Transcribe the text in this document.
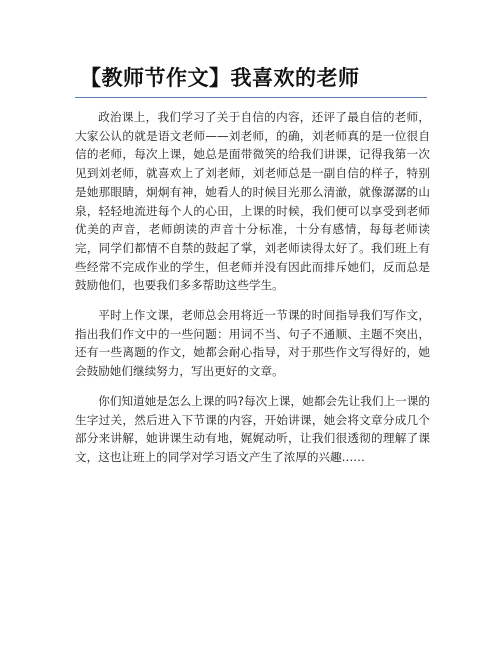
【教师节作文】我喜欢的老师

政治课上，我们学习了关于自信的内容，还评了最自信的老师，大家公认的就是语文老师——刘老师，的确，刘老师真的是一位很自信的老师，每次上课，她总是面带微笑的给我们讲课，记得我第一次见到刘老师，就喜欢上了刘老师，刘老师总是一副自信的样子，特别是她那眼睛，炯炯有神，她看人的时候目光那么清澈，就像潺潺的山泉，轻轻地流进每个人的心田，上课的时候，我们便可以享受到老师优美的声音，老师朗读的声音十分标准，十分有感情，每每老师读完，同学们都情不自禁的鼓起了掌，刘老师读得太好了。我们班上有些经常不完成作业的学生，但老师并没有因此而排斥她们，反而总是鼓励他们，也要我们多多帮助这些学生。

平时上作文课，老师总会用将近一节课的时间指导我们写作文，指出我们作文中的一些问题：用词不当、句子不通顺、主题不突出，还有一些离题的作文，她都会耐心指导，对于那些作文写得好的，她会鼓励她们继续努力，写出更好的文章。

你们知道她是怎么上课的吗?每次上课，她都会先让我们上一课的生字过关，然后进入下节课的内容，开始讲课，她会将文章分成几个部分来讲解，她讲课生动有地，娓娓动听，让我们很透彻的理解了课文，这也让班上的同学对学习语文产生了浓厚的兴趣……
